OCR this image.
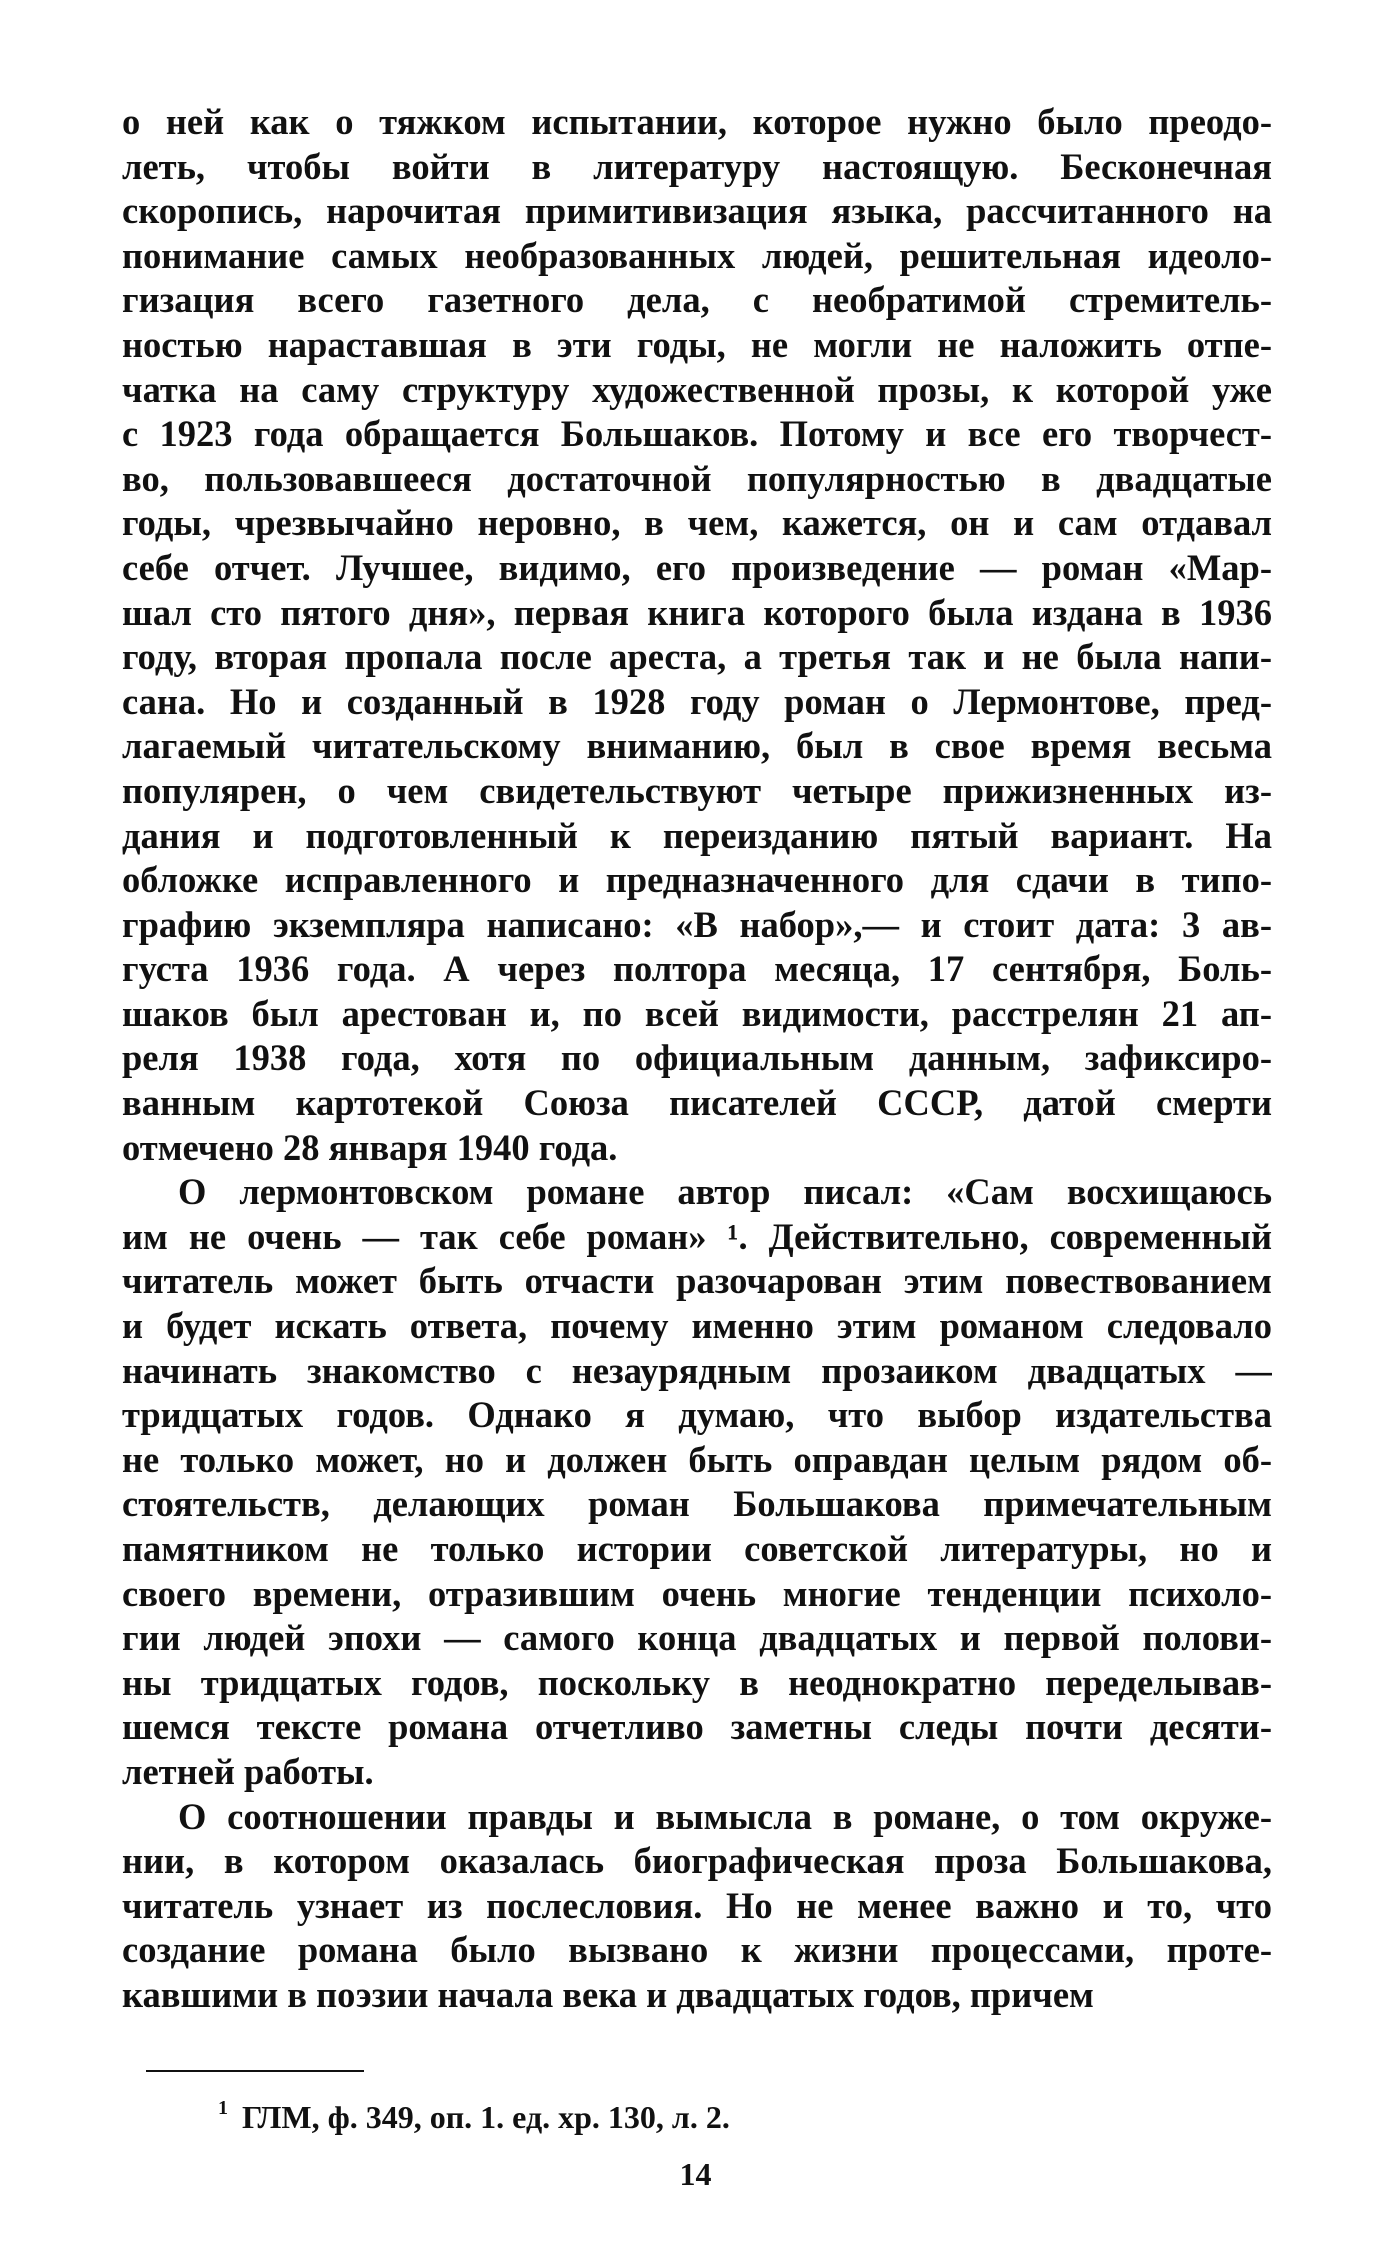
о ней как о тяжком испытании, которое нужно было преодо-
леть, чтобы войти в литературу настоящую. Бесконечная
скоропись, нарочитая примитивизация языка, рассчитанного на
понимание самых необразованных людей, решительная идеоло-
гизация всего газетного дела, с необратимой стремитель-
ностью нараставшая в эти годы, не могли не наложить отпе-
чатка на саму структуру художественной прозы, к которой уже
с 1923 года обращается Большаков. Потому и все его творчест-
во, пользовавшееся достаточной популярностью в двадцатые
годы, чрезвычайно неровно, в чем, кажется, он и сам отдавал
себе отчет. Лучшее, видимо, его произведение — роман «Мар-
шал сто пятого дня», первая книга которого была издана в 1936
году, вторая пропала после ареста, а третья так и не была напи-
сана. Но и созданный в 1928 году роман о Лермонтове, пред-
лагаемый читательскому вниманию, был в свое время весьма
популярен, о чем свидетельствуют четыре прижизненных из-
дания и подготовленный к переизданию пятый вариант. На
обложке исправленного и предназначенного для сдачи в типо-
графию экземпляра написано: «В набор»,— и стоит дата: 3 ав-
густа 1936 года. А через полтора месяца, 17 сентября, Боль-
шаков был арестован и, по всей видимости, расстрелян 21 ап-
реля 1938 года, хотя по официальным данным, зафиксиро-
ванным картотекой Союза писателей СССР, датой смерти
отмечено 28 января 1940 года.

О лермонтовском романе автор писал: «Сам восхищаюсь
им не очень — так себе роман» ¹. Действительно, современный
читатель может быть отчасти разочарован этим повествованием
и будет искать ответа, почему именно этим романом следовало
начинать знакомство с незаурядным прозаиком двадцатых —
тридцатых годов. Однако я думаю, что выбор издательства
не только может, но и должен быть оправдан целым рядом об-
стоятельств, делающих роман Большакова примечательным
памятником не только истории советской литературы, но и
своего времени, отразившим очень многие тенденции психоло-
гии людей эпохи — самого конца двадцатых и первой полови-
ны тридцатых годов, поскольку в неоднократно переделывав-
шемся тексте романа отчетливо заметны следы почти десяти-
летней работы.

О соотношении правды и вымысла в романе, о том окруже-
нии, в котором оказалась биографическая проза Большакова,
читатель узнает из послесловия. Но не менее важно и то, что
создание романа было вызвано к жизни процессами, проте-
кавшими в поэзии начала века и двадцатых годов, причем

$^1$ ГЛМ, ф. 349, оп. 1. ед. хр. 130, л. 2.
14
